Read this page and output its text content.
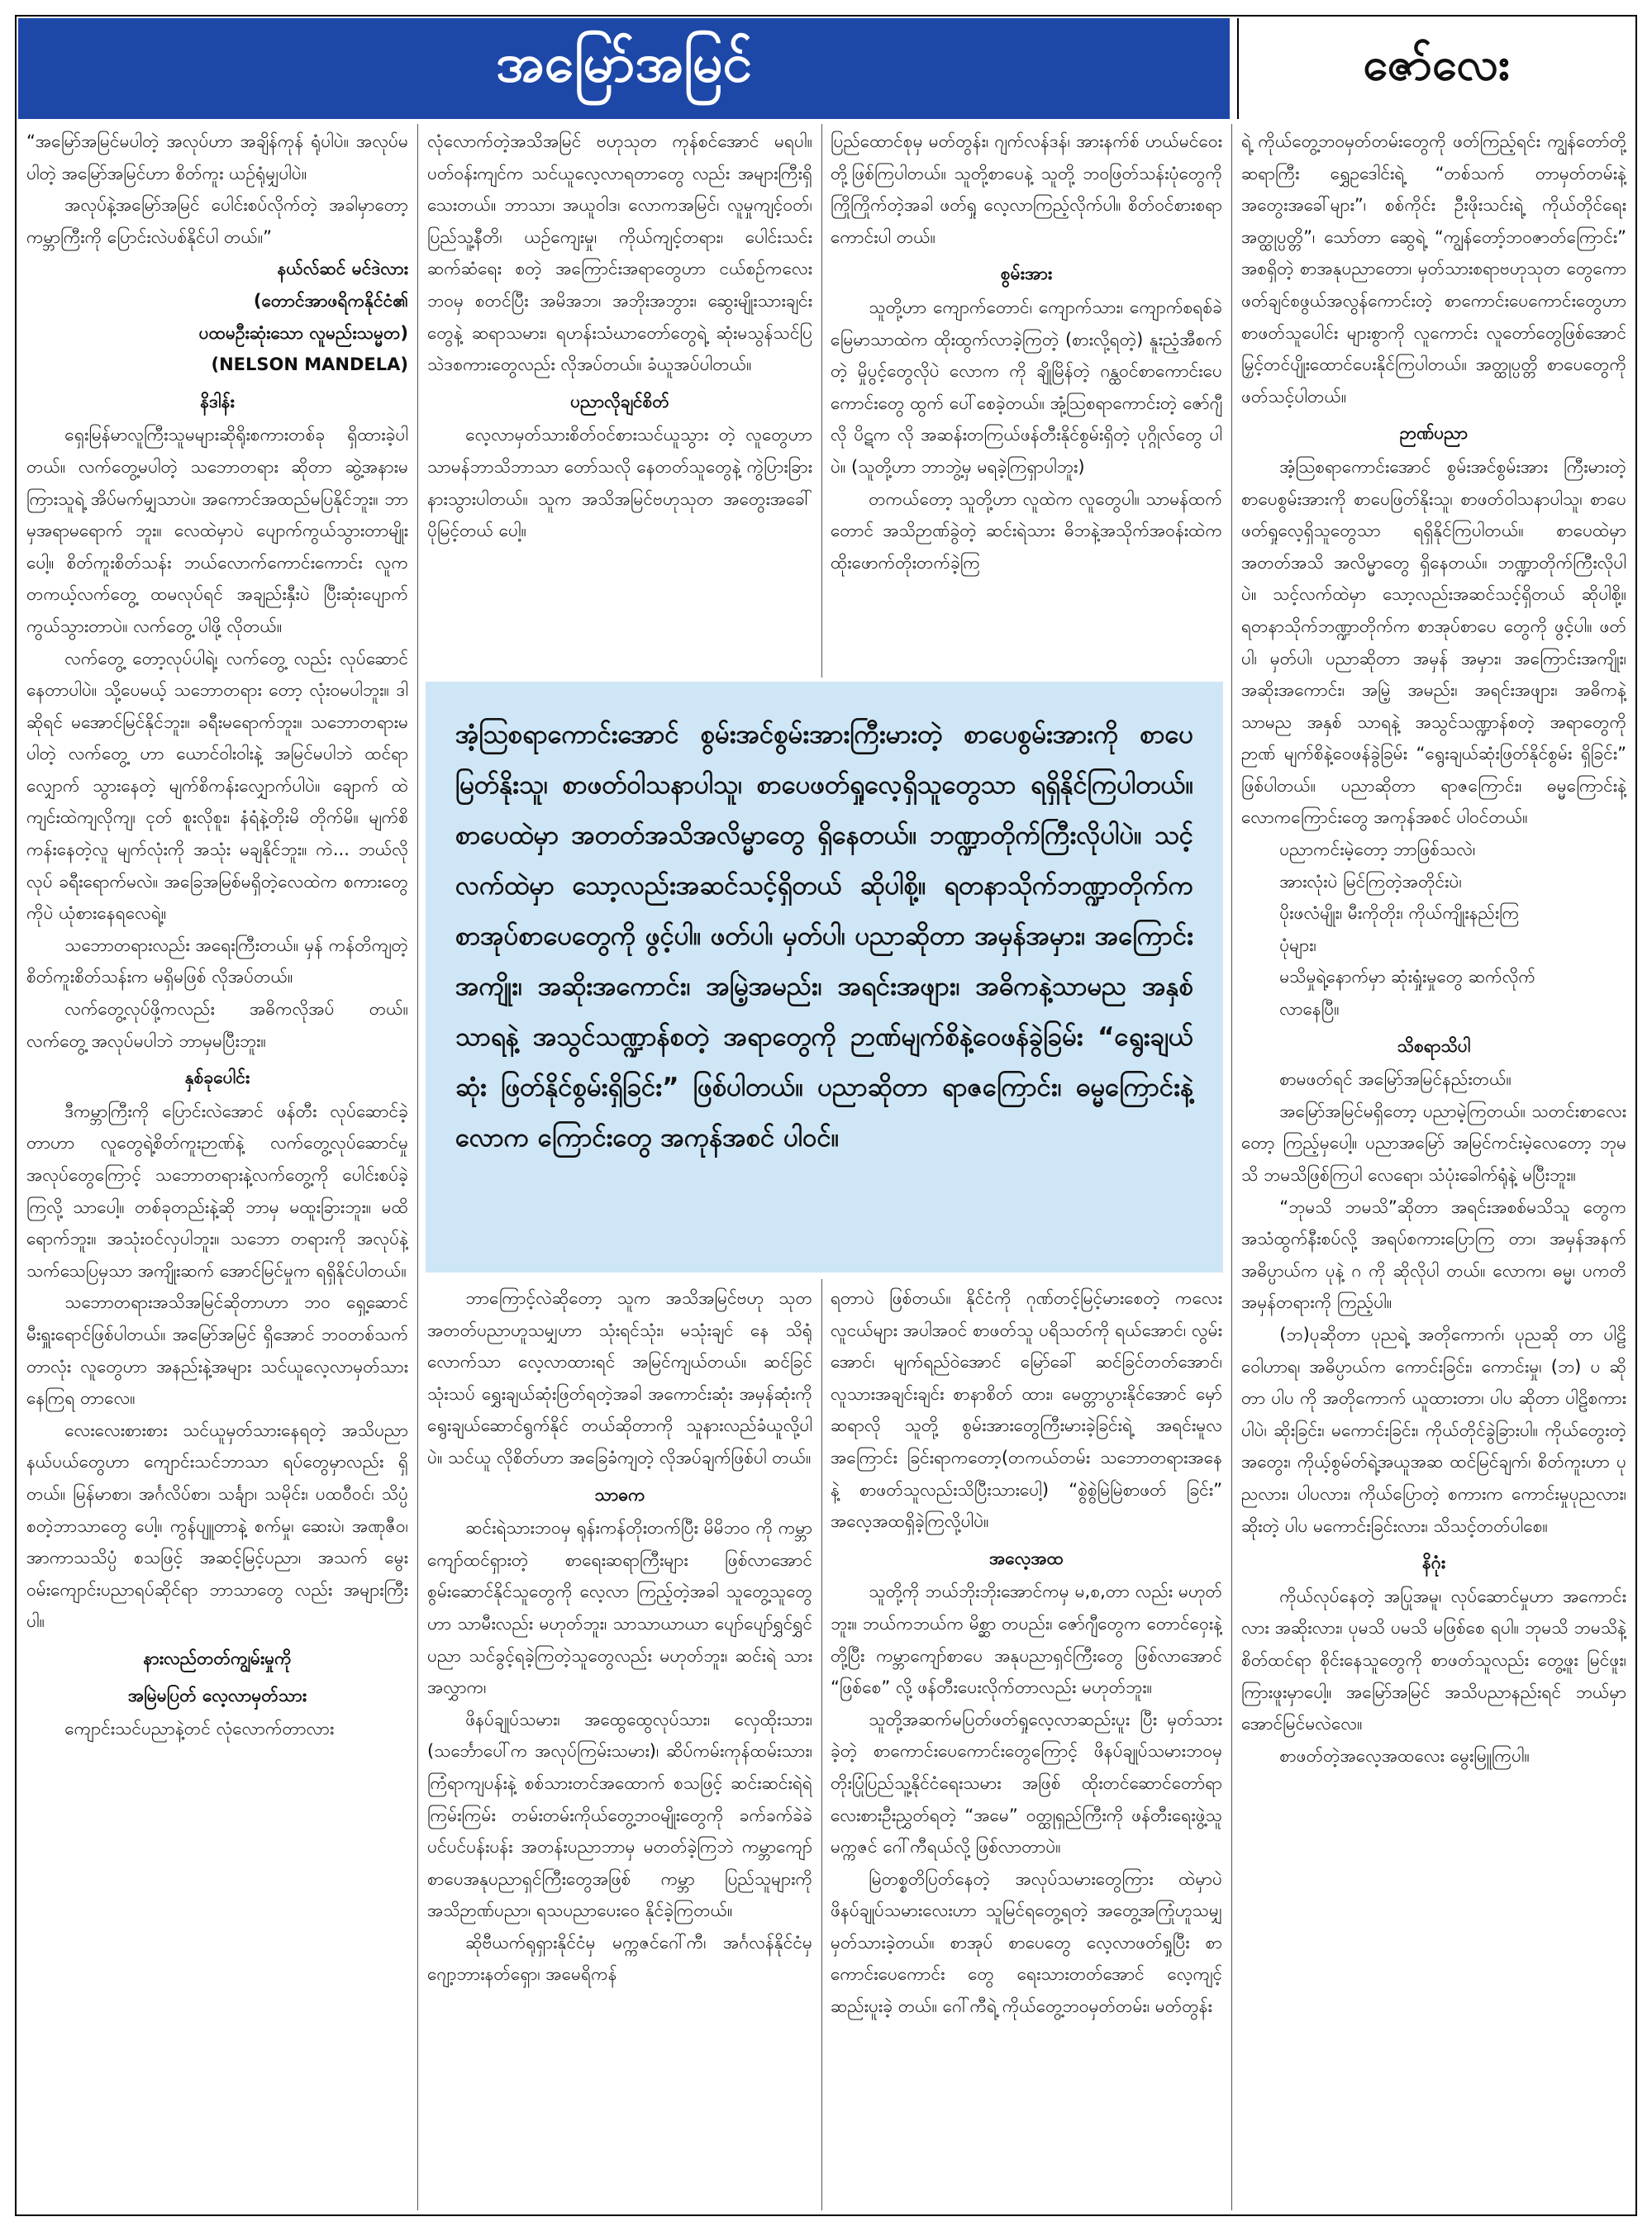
အမြော်အမြင်	ဇော်လေး

“အမြော်အမြင်မပါတဲ့ အလုပ်ဟာ အချိန်ကုန် ရုံပါပဲ။ အလုပ်မပါတဲ့ အမြော်အမြင်ဟာ စိတ်ကူး ယဉ်ရုံမျှပါပဲ။

အလုပ်နဲ့အမြော်အမြင် ပေါင်းစပ်လိုက်တဲ့ အခါမှာတော့ ကမ္ဘာကြီးကို ပြောင်းလဲပစ်နိုင်ပါ တယ်။”

နယ်လ်ဆင် မင်ဒဲလား

(တောင်အာဖရိကနိုင်ငံ၏

ပထမဦးဆုံးသော လူမည်းသမ္မတ)

(NELSON MANDELA)

နိဒါန်း

ရှေးမြန်မာလူကြီးသူမများဆိုရိုးစကားတစ်ခု ရှိထားခဲ့ပါတယ်။ လက်တွေ့မပါတဲ့ သဘောတရား ဆိုတာ ဆွဲ့အနားမကြားသူရဲ့ အိပ်မက်မျှသာပဲ။ အကောင်အထည်မပြနိုင်ဘူး။ ဘာမှအရာမရောက် ဘူး။ လေထဲမှာပဲ ပျောက်ကွယ်သွားတာမျိုးပေါ့။ စိတ်ကူးစိတ်သန်း ဘယ်လောက်ကောင်းကောင်း လူက တကယ့်လက်တွေ့ ထမလုပ်ရင် အချည်းနှီးပဲ ပြီးဆုံးပျောက်ကွယ်သွားတာပဲ။ လက်တွေ့ ပါဖို့ လိုတယ်။

လက်တွေ့ တော့လုပ်ပါရဲ့၊ လက်တွေ့ လည်း လုပ်ဆောင်နေတာပါပဲ။ သို့ပေမယ့် သဘောတရား တော့ လုံးဝမပါဘူး။ ဒါဆိုရင် မအောင်မြင်နိုင်ဘူး။ ခရီးမရောက်ဘူး။ သဘောတရားမပါတဲ့ လက်တွေ့ ဟာ ယောင်ဝါးဝါးနဲ့ အမြင်မပါဘဲ ထင်ရာလျှောက် သွားနေတဲ့ မျက်စိကန်းလျှောက်ပါပဲ။ ချောက် ထဲ ကျင်းထဲကျလိုကျ၊ ငုတ် စူးလိုစူး၊ နံရံနဲ့တိုးမိ တိုက်မိ။ မျက်စိကန်းနေတဲ့လူ မျက်လုံးကို အသုံး မချနိုင်ဘူး။ ကဲ... ဘယ်လိုလုပ် ခရီးရောက်မလဲ။ အခြေအမြစ်မရှိတဲ့လေထဲက စကားတွေကိုပဲ ယုံစားနေရလေရဲ့။

သဘောတရားလည်း အရေးကြီးတယ်။ မှန် ကန်တိကျတဲ့ စိတ်ကူးစိတ်သန်းက မရှိမဖြစ် လိုအပ်တယ်။

လက်တွေ့လုပ်ဖို့ကလည်း အဓိကလိုအပ် တယ်။ လက်တွေ့ အလုပ်မပါဘဲ ဘာမှမပြီးဘူး။

နှစ်ခုပေါင်း

ဒီကမ္ဘာကြီးကို ပြောင်းလဲအောင် ဖန်တီး လုပ်ဆောင်ခဲ့တာဟာ လူတွေရဲ့စိတ်ကူးဉာဏ်နဲ့ လက်တွေ့လုပ်ဆောင်မှု အလုပ်တွေကြောင့် သဘောတရားနဲ့လက်တွေ့ကို ပေါင်းစပ်ခဲ့ကြလို့ သာပေါ့။ တစ်ခုတည်းနဲ့ဆို ဘာမှ မထူးခြားဘူး။ မထိရောက်ဘူး။ အသုံးဝင်လှပါဘူး။ သဘော တရားကို အလုပ်နဲ့ သက်သေပြမှသာ အကျိုးဆက် အောင်မြင်မှုက ရရှိနိုင်ပါတယ်။

သဘောတရားအသိအမြင်ဆိုတာဟာ ဘဝ ရှေ့ဆောင်မီးရှူးရောင်ဖြစ်ပါတယ်။ အမြော်အမြင် ရှိအောင် ဘဝတစ်သက်တာလုံး လူတွေဟာ အနည်းနဲ့အများ သင်ယူလေ့လာမှတ်သားနေကြရ တာလေ။

လေးလေးစားစား သင်ယူမှတ်သားနေရတဲ့ အသိပညာနယ်ပယ်တွေဟာ ကျောင်းသင်ဘာသာ ရပ်တွေမှာလည်း ရှိတယ်။ မြန်မာစာ၊ အင်္ဂလိပ်စာ၊ သင်္ချာ၊ သမိုင်း၊ ပထဝီဝင်၊ သိပ္ပံ စတဲ့ဘာသာတွေ ပေါ့။ ကွန်ပျူတာနဲ့ စက်မှု၊ ဆေးပဲ၊ အဏုဇီဝ၊ အာကာသသိပ္ပံ စသဖြင့် အဆင့်မြင့်ပညာ၊ အသက် မွေးဝမ်းကျောင်းပညာရပ်ဆိုင်ရာ ဘာသာတွေ လည်း အများကြီးပါ။

နားလည်တတ်ကျွမ်းမှုကို

အမြဲမပြတ် လေ့လာမှတ်သား

ကျောင်းသင်ပညာနဲ့တင် လုံလောက်တာလား

လုံလောက်တဲ့အသိအမြင် ဗဟုသုတ ကုန်စင်အောင် မရပါ။ ပတ်ဝန်းကျင်က သင်ယူလေ့လာရတာတွေ လည်း အများကြီးရှိသေးတယ်။ ဘာသာ၊ အယူဝါဒ၊ လောကအမြင်၊ လူမှုကျင့်ဝတ်၊ ပြည်သူ့နီတိ၊ ယဉ်ကျေးမှု၊ ကိုယ်ကျင့်တရား၊ ပေါင်းသင်းဆက်ဆံရေး စတဲ့ အကြောင်းအရာတွေဟာ ငယ်စဉ်ကလေးဘဝမှ စတင်ပြီး အမိအဘ၊ အဘိုးအဘွား၊ ဆွေးမျိုးသားချင်း တွေနဲ့ ဆရာသမား၊ ရဟန်းသံဃာတော်တွေရဲ့ ဆုံးမသွန်သင်ပြသဲဒစကားတွေလည်း လိုအပ်တယ်။ ခံယူအပ်ပါတယ်။

ပညာလိုချင်စိတ်

လေ့လာမှတ်သားစိတ်ဝင်စားသင်ယူသွား တဲ့ လူတွေဟာ သာမန်ဘာသိဘာသာ တော်သလို နေတတ်သူတွေနဲ့ ကွဲပြားခြားနားသွားပါတယ်။ သူက အသိအမြင်ဗဟုသုတ အတွေးအခေါ် ပိုမြင့်တယ် ပေါ့။

ပြည်ထောင်စုမှ မတ်တွန်း၊ ဂျက်လန်ဒန်၊ အားနက်စ် ဟယ်မင်ဝေးတို့ဖြစ်ကြပါတယ်။ သူတို့စာပေနဲ့ သူတို့ ဘဝဖြတ်သန်းပုံတွေကို ကြိုကြိုက်တဲ့အခါ ဖတ်ရှု လေ့လာကြည့်လိုက်ပါ။ စိတ်ဝင်စားစရာ ကောင်းပါ တယ်။

စွမ်းအား

သူတို့ဟာ ကျောက်တောင်၊ ကျောက်သား၊ ကျောက်စရစ်ခဲမြေမာသာထဲက ထိုးထွက်လာခဲ့ကြတဲ့ (စားလို့ရတဲ့) နူးညံ့အီစက်တဲ့ မှိုပွင့်တွေလိုပဲ လောက ကို ချိုမြိန်တဲ့ ဂန္ထဝင်စာကောင်းပေကောင်းတွေ ထွက် ပေါ်စေခဲ့တယ်။ အုံ့သြစရာကောင်းတဲ့ ဇော်ဂျီလို ပိဋက လို အဆန်းတကြယ်ဖန်တီးနိုင်စွမ်းရှိတဲ့ ပုဂ္ဂိုလ်တွေ ပါပဲ။ (သူတို့ဟာ ဘာဘွဲ့မှ မရခဲ့ကြရှာပါဘူး)

တကယ်တော့ သူတို့ဟာ လူထဲက လူတွေပါ။ သာမန်ထက်တောင် အသိဉာဏ်ခွဲတဲ့ ဆင်းရဲသား ဓိဘနဲ့အသိုက်အဝန်းထဲက ထိုးဖောက်တိုးတက်ခဲ့ကြ

အံ့သြစရာကောင်းအောင် စွမ်းအင်စွမ်းအားကြီးမားတဲ့ စာပေစွမ်းအားကို စာပေ မြတ်နိုးသူ၊ စာဖတ်ဝါသနာပါသူ၊ စာပေဖတ်ရှုလေ့ရှိသူတွေသာ ရရှိနိုင်ကြပါတယ်။ စာပေထဲမှာ အတတ်အသိအလိမ္မာတွေ ရှိနေတယ်။ ဘဏ္ဍာတိုက်ကြီးလိုပါပဲ။ သင့်လက်ထဲမှာ သော့လည်းအဆင်သင့်ရှိတယ် ဆိုပါစို့။ ရတနာသိုက်ဘဏ္ဍာတိုက်က စာအုပ်စာပေတွေကို ဖွင့်ပါ။ ဖတ်ပါ၊ မှတ်ပါ၊ ပညာဆိုတာ အမှန်အမှား၊ အကြောင်း အကျိုး၊ အဆိုးအကောင်း၊ အမြဲ့အမည်း၊ အရင်းအဖျား၊ အဓိကနဲ့သာမည အနှစ် သာရနဲ့ အသွင်သဏ္ဍာန်စတဲ့ အရာတွေကို ဉာဏ်မျက်စိနဲ့ဝေဖန်ခွဲခြမ်း “ရွေးချယ်ဆုံး ဖြတ်နိုင်စွမ်းရှိခြင်း” ဖြစ်ပါတယ်။ ပညာဆိုတာ ရာဇကြောင်း၊ ဓမ္မကြောင်းနဲ့လောက ကြောင်းတွေ အကုန်အစင် ပါဝင်။

ဘာကြောင့်လဲဆိုတော့ သူက အသိအမြင်ဗဟု သုတ အတတ်ပညာဟူသမျှဟာ သုံးရင်သုံး၊ မသုံးချင် နေ သိရုံလောက်သာ လေ့လာထားရင် အမြင်ကျယ်တယ်။ ဆင်ခြင်သုံးသပ် ရွှေးချယ်ဆုံးဖြတ်ရတဲ့အခါ အကောင်းဆုံး အမှန်ဆုံးကိုရွေးချယ်ဆောင်ရွက်နိုင် တယ်ဆိုတာကို သူနားလည်ခံယူလို့ပါပဲ။ သင်ယူ လိုစိတ်ဟာ အခြေခံကျတဲ့ လိုအပ်ချက်ဖြစ်ပါ တယ်။

သာဓက

ဆင်းရဲသားဘဝမှ ရုန်းကန်တိုးတက်ပြီး မိမိဘဝ ကို ကမ္ဘာကျော်ထင်ရှားတဲ့ စာရေးဆရာကြီးများ ဖြစ်လာအောင် စွမ်းဆောင်နိုင်သူတွေကို လေ့လာ ကြည့်တဲ့အခါ သူတွေ့သူတွေဟာ သာမီးလည်း မဟုတ်ဘူး၊ သာသာယာယာ ပျော်ပျော်ရွှင်ရွှင် ပညာ သင်ခွင့်ရခဲ့ကြတဲ့သူတွေလည်း မဟုတ်ဘူး၊ ဆင်းရဲ သားအလွှာက၊

ဖိနပ်ချုပ်သမား၊ အထွေထွေလုပ်သား၊ လှေထိုးသား၊ (သင်္ဘောပေါ်က အလုပ်ကြမ်းသမား)၊ ဆိပ်ကမ်းကုန်ထမ်းသား၊ ကြံရာကျပန်းနဲ့ စစ်သားတင်အထောက် စသဖြင့် ဆင်းဆင်းရဲရဲကြမ်းကြမ်း တမ်းတမ်းကိုယ်တွေ့ဘဝမျိုးတွေကို ခက်ခက်ခဲခဲ ပင်ပင်ပန်းပန်း အတန်းပညာဘာမှ မတတ်ခဲ့ကြဘဲ ကမ္ဘာကျော်စာပေအနုပညာရှင်ကြီးတွေအဖြစ် ကမ္ဘာ ပြည်သူများကို အသိဉာဏ်ပညာ၊ ရသပညာပေးဝေ နိုင်ခဲ့ကြတယ်။

ဆိုဗီယက်ရုရှားနိုင်ငံမှ မက္ကဇင်ဂေါ်ကီ၊ အင်္ဂလန်နိုင်ငံမှ ဂျော့ဘားနတ်ရှော၊ အမေရိကန်

ရတာပဲ ဖြစ်တယ်။ နိုင်ငံကို ဂုဏ်တင့်မြင့်မားစေတဲ့ ကလေးလူငယ်များ အပါအဝင် စာဖတ်သူ ပရိသတ်ကို ရယ်အောင်၊ လွမ်းအောင်၊ မျက်ရည်ဝဲအောင် မြော်ခေါ် ဆင်ခြင်တတ်အောင်၊ လူသားအချင်းချင်း စာနာစိတ် ထား၊ မေတ္တာပွားနိုင်အောင် မှော်ဆရာလို သူတို့ စွမ်းအားတွေကြီးမားခဲ့ခြင်းရဲ့ အရင်းမူလအကြောင်း ခြင်းရာကတော့(တကယ်တမ်း သဘောတရားအနေ နဲ့ စာဖတ်သူလည်းသိပြီးသားပေါ့) “စွဲစွဲမြဲမြဲစာဖတ် ခြင်း” အလေ့အထရှိခဲ့ကြလို့ပါပဲ။

အလေ့အထ

သူတို့ကို ဘယ်ဘိုးဘိုးအောင်ကမှ မ,စ,တာ လည်း မဟုတ်ဘူး။ ဘယ်ကဘယ်က မိစ္ဆာ တပည်း၊ ဇော်ဂျီတွေက တောင်ဝှေးနဲ့တို့ပြီး ကမ္ဘာကျော်စာပေ အနုပညာရှင်ကြီးတွေ ဖြစ်လာအောင် “ဖြစ်စေ” လို့ ဖန်တီးပေးလိုက်တာလည်း မဟုတ်ဘူး။

သူတို့အဆက်မပြတ်ဖတ်ရှုလေ့လာဆည်းပူး ပြီး မှတ်သားခဲ့တဲ့ စာကောင်းပေကောင်းတွေကြောင့် ဖိနပ်ချုပ်သမားဘဝမှ တိုးပြုံပြည်သူ့နိုင်ငံရေးသမား အဖြစ် ထိုးတင်ဆောင်တော်ရာ လေးစားဦးညွှတ်ရတဲ့ “အမေ” ဝတ္ထုရှည်ကြီးကို ဖန်တီးရေးဖွဲ့သူ မက္ကဇင် ဂေါ်ကီရယ်လို့ ဖြစ်လာတာပဲ။

မြဲတစ္စတိပြတ်နေတဲ့ အလုပ်သမားတွေကြား ထဲမှာပဲ ဖိနပ်ချုပ်သမားလေးဟာ သူမြင်ရတွေ့ရတဲ့ အတွေ့အကြုံဟူသမျှ မှတ်သားခဲ့တယ်။ စာအုပ် စာပေတွေ လေ့လာဖတ်ရှုပြီး စာကောင်းပေကောင်း တွေ ရေးသားတတ်အောင် လေ့ကျင့်ဆည်းပူးခဲ့ တယ်။ ဂေါ်ကီရဲ့ ကိုယ်တွေ့ဘဝမှတ်တမ်း၊ မတ်တွန်း

ရဲ့ ကိုယ်တွေ့ဘဝမှတ်တမ်းတွေကို ဖတ်ကြည့်ရင်း ကျွန်တော်တို့ ဆရာကြီး ရွှေဥဒေါင်းရဲ့ “တစ်သက် တာမှတ်တမ်းနဲ့ အတွေးအခေါ်များ”၊ စစ်ကိုင်း ဦးဖိုးသင်းရဲ့ ကိုယ်တိုင်ရေး အတ္ထုပ္ပတ္တိ”၊ သော်တာ ဆွေရဲ့ “ကျွန်တော့်ဘဝဇာတ်ကြောင်း” အစရှိတဲ့ စာအနုပညာတော၊ မှတ်သားစရာဗဟုသုတ တွေကော ဖတ်ချင်စဖွယ်အလွန်ကောင်းတဲ့ စာကောင်းပေကောင်းတွေဟာ စာဖတ်သူပေါင်း များစွာကို လူကောင်း လူတော်တွေဖြစ်အောင် မြှင့်တင်ပျိုးထောင်ပေးနိုင်ကြပါတယ်။ အတ္ထုပ္ပတ္တိ စာပေတွေကို ဖတ်သင့်ပါတယ်။

ဉာဏ်ပညာ

အံ့သြစရာကောင်းအောင် စွမ်းအင်စွမ်းအား ကြီးမားတဲ့ စာပေစွမ်းအားကို စာပေဖြတ်နိုးသူ၊ စာဖတ်ဝါသနာပါသူ၊ စာပေဖတ်ရှုလေ့ရှိသူတွေသာ ရရှိနိုင်ကြပါတယ်။ စာပေထဲမှာ အတတ်အသိ အလိမ္မာတွေ ရှိနေတယ်။ ဘဏ္ဍာတိုက်ကြီးလိုပါပဲ။ သင့်လက်ထဲမှာ သော့လည်းအဆင်သင့်ရှိတယ် ဆိုပါစို့။ ရတနာသိုက်ဘဏ္ဍာတိုက်က စာအုပ်စာပေ တွေကို ဖွင့်ပါ။ ဖတ်ပါ၊ မှတ်ပါ၊ ပညာဆိုတာ အမှန် အမှား၊ အကြောင်းအကျိုး၊ အဆိုးအကောင်း၊ အမြဲ့ အမည်း၊ အရင်းအဖျား၊ အဓိကနဲ့သာမည အနှစ် သာရနဲ့ အသွင်သဏ္ဍာန်စတဲ့ အရာတွေကို ဉာဏ် မျက်စိနဲ့ဝေဖန်ခွဲခြမ်း “ရွေးချယ်ဆုံးဖြတ်နိုင်စွမ်း ရှိခြင်း” ဖြစ်ပါတယ်။ ပညာဆိုတာ ရာဇကြောင်း၊ ဓမ္မကြောင်းနဲ့လောကကြောင်းတွေ အကုန်အစင် ပါဝင်တယ်။

ပညာကင်းမဲ့တော့ ဘာဖြစ်သလဲ၊

အားလုံးပဲ မြင်ကြတဲ့အတိုင်းပဲ၊

ပိုးဖလံမျိုး၊ မီးကိုတိုး၊ ကိုယ်ကျိုးနည်းကြ

ပုံများ၊

မသိမှုရဲ့နောက်မှာ ဆုံးရှုံးမှုတွေ ဆက်လိုက်

လာနေပြီ။

သိစရာသိပါ

စာမဖတ်ရင် အမြော်အမြင်နည်းတယ်။

အမြော်အမြင်မရှိတော့ ပညာမဲ့ကြတယ်။ သတင်းစာလေးတော့ ကြည့်မှပေါ့။ ပညာအမြော် အမြင်ကင်းမဲ့လေတော့ ဘုမသိ ဘမသိဖြစ်ကြပါ လေရော၊ သံပုံးခေါက်ရုံနဲ့ မပြီးဘူး။

“ဘုမသိ ဘမသိ”ဆိုတာ အရင်းအစစ်မသိသူ တွေက အသံထွက်နီးစပ်လို့ အရပ်စကားပြောကြ တာ၊ အမှန်အနက်အဓိပ္ပာယ်က ပုနဲ့ ဂ ကို ဆိုလိုပါ တယ်။ လောက၊ ဓမ္မ၊ ပကတိအမှန်တရားကို ကြည့်ပါ။

(ဘ)ပုဆိုတာ ပုညရဲ့ အတိုကောက်၊ ပုညဆို တာ ပါဠိဝေါဟာရ၊ အဓိပ္ပာယ်က ကောင်းခြင်း၊ ကောင်းမှု၊ (ဘ) ပ ဆိုတာ ပါပ ကို အတိုကောက် ယူထားတာ၊ ပါပ ဆိုတာ ပါဠိစကားပါပဲ၊ ဆိုးခြင်း၊ မကောင်းခြင်း၊ ကိုယ်တိုင်ခွဲခြားပါ။ ကိုယ်တွေးတဲ့ အတွေး၊ ကိုယ့်စွမ်တ်ရဲ့အယူအဆ ထင်မြင်ချက်၊ စိတ်ကူးဟာ ပုညလား၊ ပါပလား၊ ကိုယ်ပြောတဲ့ စကားက ကောင်းမှုပုညလား၊ ဆိုးတဲ့ ပါပ မကောင်းခြင်းလား၊ သိသင့်တတ်ပါစေ။

နိဂုံး

ကိုယ်လုပ်နေတဲ့ အပြုအမူ၊ လုပ်ဆောင်မှုဟာ အကောင်းလား အဆိုးလား၊ ပုမသိ ပမသိ မဖြစ်စေ ရပါ။ ဘုမသိ ဘမသိနဲ့ စိတ်ထင်ရာ စိုင်းနေသူတွေကို စာဖတ်သူလည်း တွေ့ဖူး မြင်ဖူး၊ ကြားဖူးမှာပေါ့။ အမြော်အမြင် အသိပညာနည်းရင် ဘယ်မှာ အောင်မြင်မလဲလေ။

စာဖတ်တဲ့အလေ့အထလေး မွေးမြူကြပါ။
